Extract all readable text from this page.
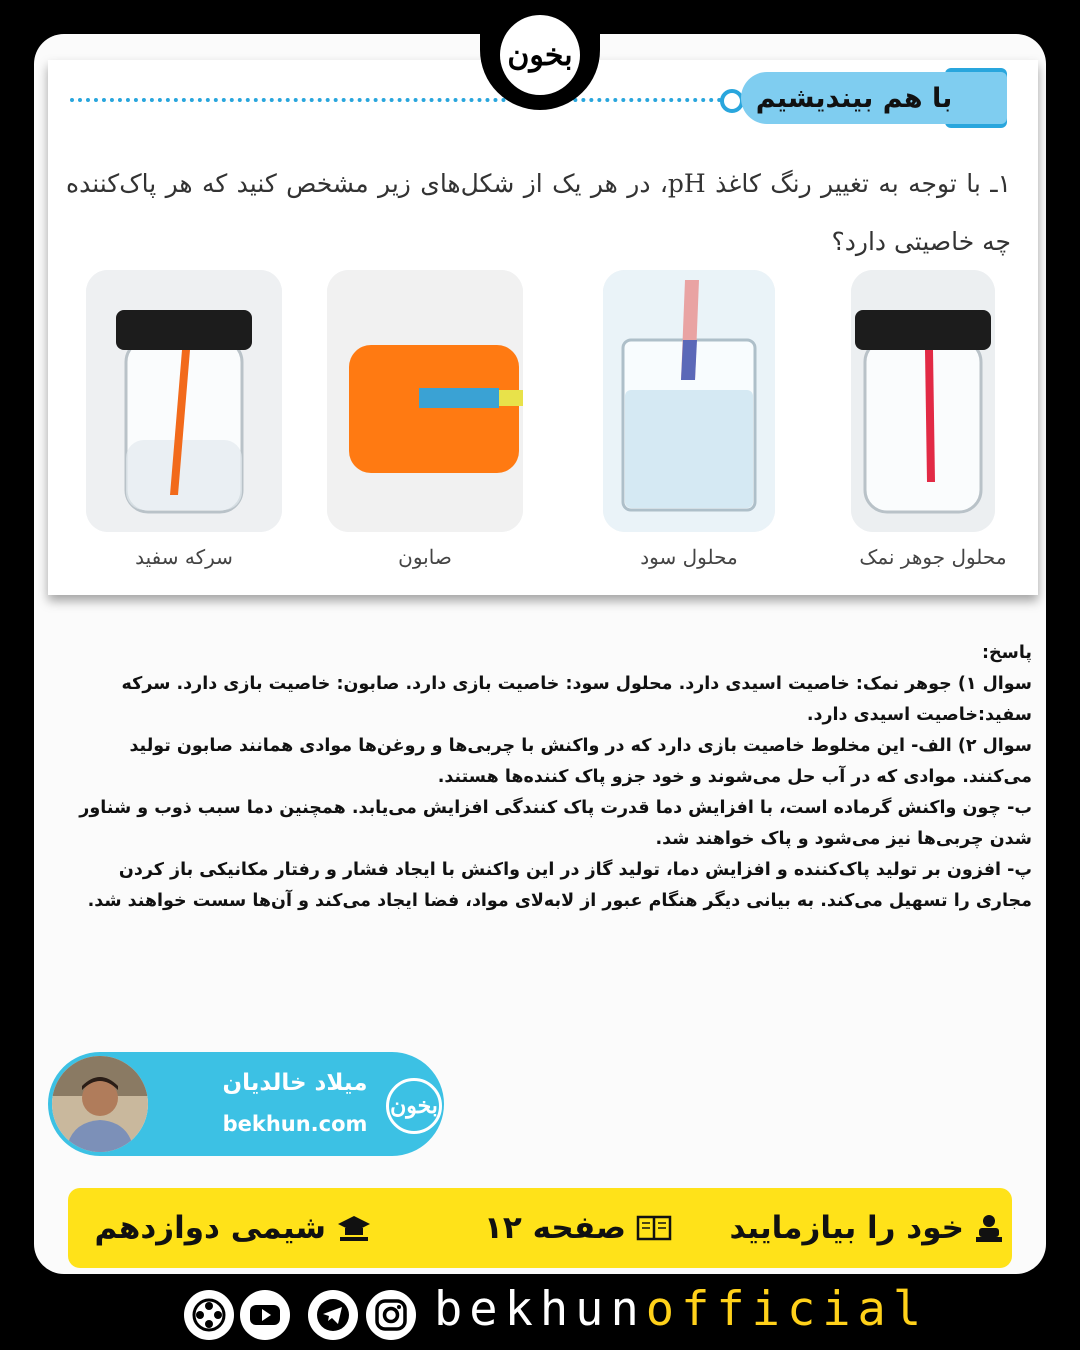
بخون
با هم بیندیشیم
۱ـ با توجه به تغییر رنگ کاغذ pH، در هر یک از شکل‌های زیر مشخص کنید که هر پاک‌کننده چه خاصیتی دارد؟
سرکه سفید	صابون	محلول سود	محلول جوهر نمک

پاسخ:

سوال ۱) جوهر نمک: خاصیت اسیدی دارد. محلول سود: خاصیت بازی دارد. صابون: خاصیت بازی دارد. سرکه سفید:خاصیت اسیدی دارد.

سوال ۲) الف- این مخلوط خاصیت بازی دارد که در واکنش با چربی‌ها و روغن‌ها موادی همانند صابون تولید می‌کنند. موادی که در آب حل می‌شوند و خود جزو پاک کننده‌ها هستند.

ب- چون واکنش گرماده است، با افزایش دما قدرت پاک کنندگی افزایش می‌یابد. همچنین دما سبب ذوب و شناور شدن چربی‌ها نیز می‌شود و پاک خواهند شد.

پ- افزون بر تولید پاک‌کننده و افزایش دما، تولید گاز در این واکنش با ایجاد فشار و رفتار مکانیکی باز کردن مجاری را تسهیل می‌کند. به بیانی دیگر هنگام عبور از لابه‌لای مواد، فضا ایجاد می‌کند و آن‌ها سست خواهند شد.

میلاد خالدیان
bekhun.com
بخون
خود را بیازمایید
صفحه ۱۲
شیمی دوازدهم
bekhunofficial
